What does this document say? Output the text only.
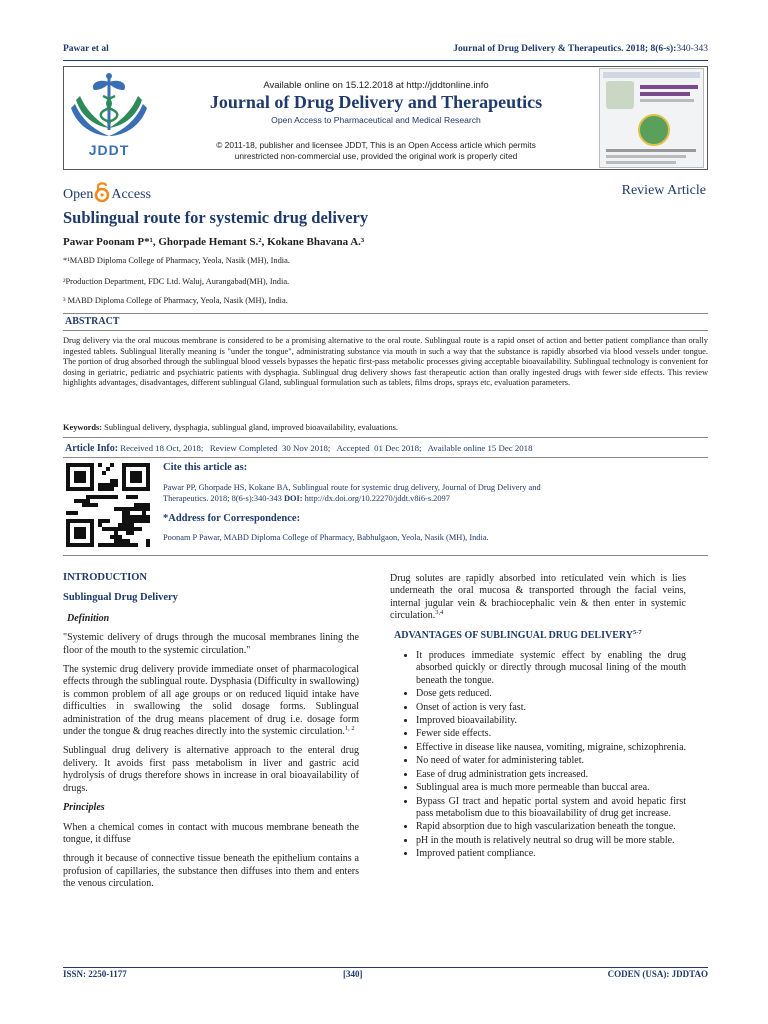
Pawar et al	Journal of Drug Delivery & Therapeutics. 2018; 8(6-s):340-343
JDDT
Available online on 15.12.2018 at http://jddtonline.info
Journal of Drug Delivery and Therapeutics
Open Access to Pharmaceutical and Medical Research
© 2011-18, publisher and licensee JDDT, This is an Open Access article which permits
unrestricted non-commercial use, provided the original work is properly cited
Open Access	Review Article
Sublingual route for systemic drug delivery
Pawar Poonam P*¹, Ghorpade Hemant S.², Kokane Bhavana A.³
*¹MABD Diploma College of Pharmacy, Yeola, Nasik (MH), India.
²Production Department, FDC Ltd. Waluj, Aurangabad(MH), India.
³ MABD Diploma College of Pharmacy, Yeola, Nasik (MH), India.
ABSTRACT
Drug delivery via the oral mucous membrane is considered to be a promising alternative to the oral route. Sublingual route is a rapid onset of action and better patient compliance than orally ingested tablets. Sublingual literally meaning is "under the tongue", administrating substance via mouth in such a way that the substance is rapidly absorbed via blood vessels under tongue. The portion of drug absorbed through the sublingual blood vessels bypasses the hepatic first-pass metabolic processes giving acceptable bioavailability. Sublingual technology is convenient for dosing in geriatric, pediatric and psychiatric patients with dysphagia. Sublingual drug delivery shows fast therapeutic action than orally ingested drugs with fewer side effects. This review highlights advantages, disadvantages, different sublingual Gland, sublingual formulation such as tablets, films drops, sprays etc, evaluation parameters.
Keywords: Sublingual delivery, dysphagia, sublingual gland, improved bioavailability, evaluations.
Article Info: Received 18 Oct, 2018;   Review Completed  30 Nov 2018;   Accepted  01 Dec 2018;   Available online 15 Dec 2018
Cite this article as:
Pawar PP, Ghorpade HS, Kokane BA, Sublingual route for systemic drug delivery, Journal of Drug Delivery and
Therapeutics. 2018; 8(6-s):340-343 DOI: http://dx.doi.org/10.22270/jddt.v8i6-s.2097
*Address for Correspondence:
Poonam P Pawar, MABD Diploma College of Pharmacy, Babhulgaon, Yeola, Nasik (MH), India.
INTRODUCTION
Sublingual Drug Delivery
Definition

"Systemic delivery of drugs through the mucosal membranes lining the floor of the mouth to the systemic circulation."

The systemic drug delivery provide immediate onset of pharmacological effects through the sublingual route. Dysphasia (Difficulty in swallowing) is common problem of all age groups or on reduced liquid intake have difficulties in swallowing the solid dosage forms. Sublingual administration of the drug means placement of drug i.e. dosage form under the tongue & drug reaches directly into the systemic circulation.$^{1, 2}$

Sublingual drug delivery is alternative approach to the enteral drug delivery. It avoids first pass metabolism in liver and gastric acid hydrolysis of drugs therefore shows in increase in oral bioavailability of drugs.

Principles

When a chemical comes in contact with mucous membrane beneath the tongue, it diffuse

through it because of connective tissue beneath the epithelium contains a profusion of capillaries, the substance then diffuses into them and enters the venous circulation.

Drug solutes are rapidly absorbed into reticulated vein which is lies underneath the oral mucosa & transported through the facial veins, internal jugular vein & brachiocephalic vein & then enter in systemic circulation.$^{3,4}$

ADVANTAGES OF SUBLINGUAL DRUG DELIVERY$^{5-7}$
• It produces immediate systemic effect by enabling the drug absorbed quickly or directly through mucosal lining of the mouth beneath the tongue.
• Dose gets reduced.
• Onset of action is very fast.
• Improved bioavailability.
• Fewer side effects.
• Effective in disease like nausea, vomiting, migraine, schizophrenia.
• No need of water for administering tablet.
• Ease of drug administration gets increased.
• Sublingual area is much more permeable than buccal area.
• Bypass GI tract and hepatic portal system and avoid hepatic first pass metabolism due to this bioavailability of drug get increase.
• Rapid absorption due to high vascularization beneath the tongue.
• pH in the mouth is relatively neutral so drug will be more stable.
• Improved patient compliance.
ISSN: 2250-1177	[340]	CODEN (USA): JDDTAO
